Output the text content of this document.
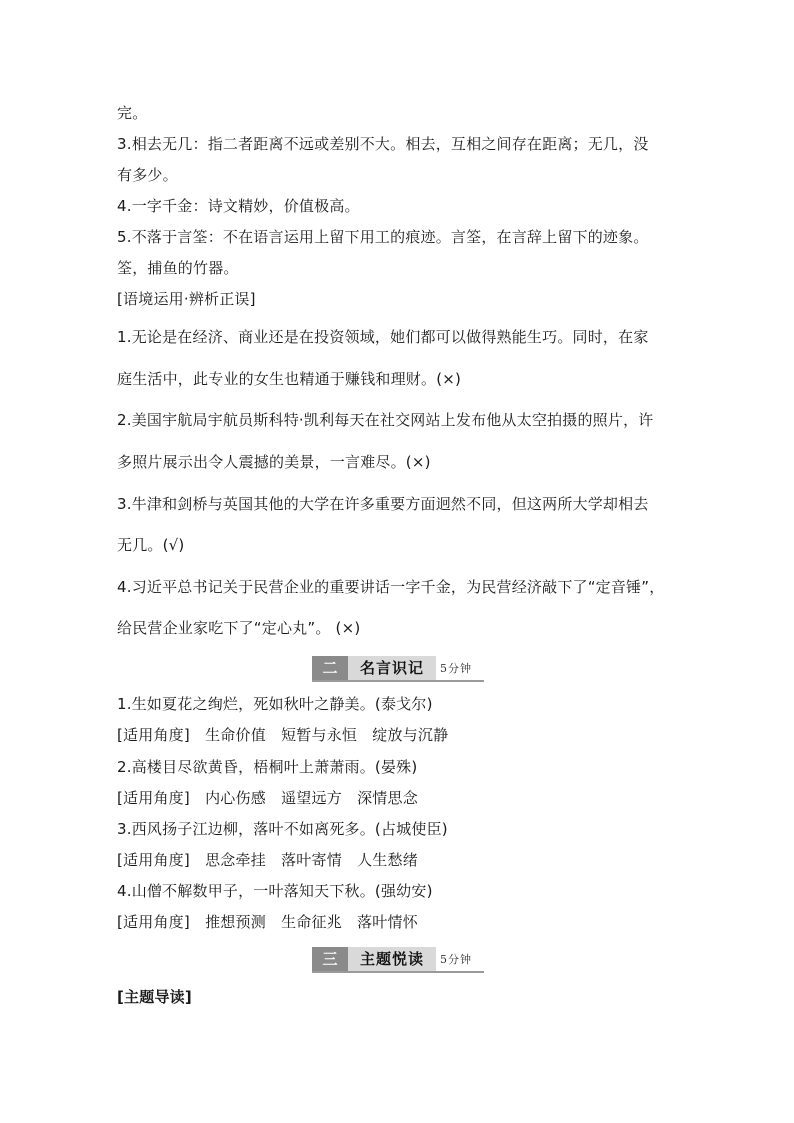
完。
3.相去无几：指二者距离不远或差别不大。相去，互相之间存在距离；无几，没
有多少。
4.一字千金：诗文精妙，价值极高。
5.不落于言筌：不在语言运用上留下用工的痕迹。言筌，在言辞上留下的迹象。
筌，捕鱼的竹器。
[语境运用·辨析正误]
1.无论是在经济、商业还是在投资领域，她们都可以做得熟能生巧。同时，在家
庭生活中，此专业的女生也精通于赚钱和理财。(×)
2.美国宇航局宇航员斯科特·凯利每天在社交网站上发布他从太空拍摄的照片，许
多照片展示出令人震撼的美景，一言难尽。(×)
3.牛津和剑桥与英国其他的大学在许多重要方面迥然不同，但这两所大学却相去
无几。(√)
4.习近平总书记关于民营企业的重要讲话一字千金，为民营经济敲下了“定音锤”，
给民营企业家吃下了“定心丸”。 (×)
二	名言识记	5分钟
1.生如夏花之绚烂，死如秋叶之静美。(泰戈尔)
[适用角度]　生命价值　短暂与永恒　绽放与沉静
2.高楼目尽欲黄昏，梧桐叶上萧萧雨。(晏殊)
[适用角度]　内心伤感　遥望远方　深情思念
3.西风扬子江边柳，落叶不如离死多。(占城使臣)
[适用角度]　思念牵挂　落叶寄情　人生愁绪
4.山僧不解数甲子，一叶落知天下秋。(强幼安)
[适用角度]　推想预测　生命征兆　落叶情怀
三	主题悦读	5分钟
[主题导读]
